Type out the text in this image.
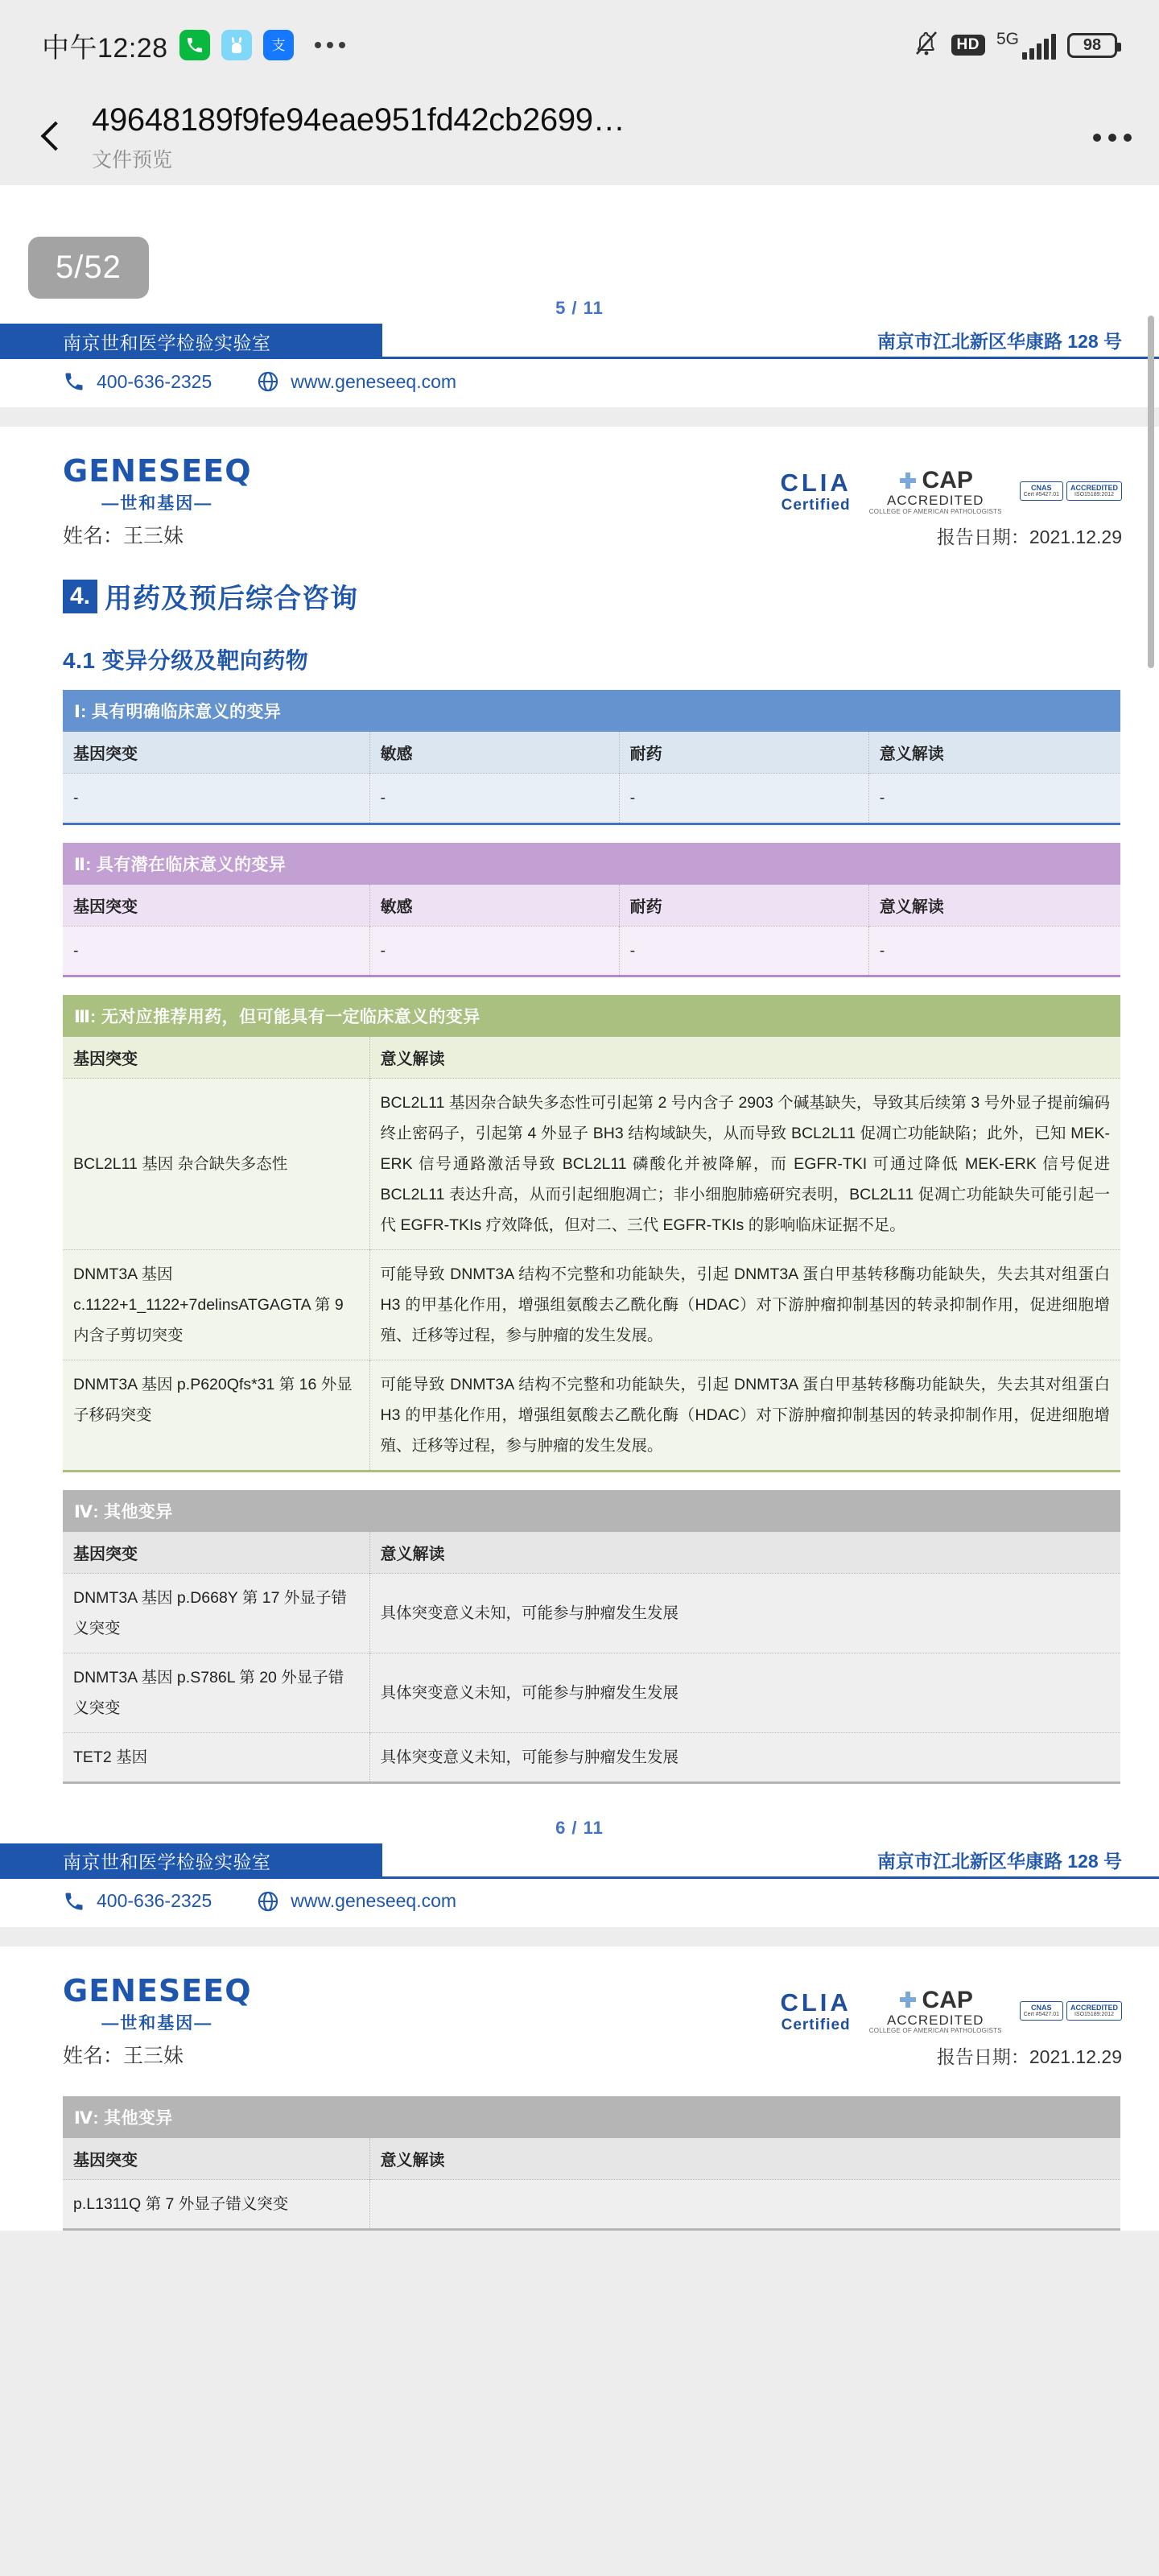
中午12:28	支	HD	5G	98
49648189f9fe94eae951fd42cb2699…
文件预览
5/52
5 / 11
南京世和医学检验实验室	南京市江北新区华康路 128 号
400-636-2325	www.geneseeq.com
GENESEEQ
— 世和基因 —
CLIA
Certified
CAP
ACCREDITED
COLLEGE OF AMERICAN PATHOLOGISTS
CNAS
Cert #5427.01
ACCREDITED
ISO15189:2012
姓名：王三妹	报告日期：2021.12.29
4. 用药及预后综合咨询
4.1 变异分级及靶向药物
Ⅰ: 具有明确临床意义的变异
基因突变	敏感	耐药	意义解读
-	-	-	-
Ⅱ: 具有潜在临床意义的变异
基因突变	敏感	耐药	意义解读
-	-	-	-
Ⅲ: 无对应推荐用药，但可能具有一定临床意义的变异
基因突变	意义解读
BCL2L11 基因 杂合缺失多态性	BCL2L11 基因杂合缺失多态性可引起第 2 号内含子 2903 个碱基缺失，导致其后续第 3 号外显子提前编码终止密码子，引起第 4 外显子 BH3 结构域缺失，从而导致 BCL2L11 促凋亡功能缺陷；此外，已知 MEK-ERK 信号通路激活导致 BCL2L11 磷酸化并被降解，而 EGFR-TKI 可通过降低 MEK-ERK 信号促进 BCL2L11 表达升高，从而引起细胞凋亡；非小细胞肺癌研究表明，BCL2L11 促凋亡功能缺失可能引起一代 EGFR-TKIs 疗效降低，但对二、三代 EGFR-TKIs 的影响临床证据不足。
DNMT3A 基因 c.1122+1_1122+7delinsATGAGTA 第 9 内含子剪切突变	可能导致 DNMT3A 结构不完整和功能缺失，引起 DNMT3A 蛋白甲基转移酶功能缺失，失去其对组蛋白 H3 的甲基化作用，增强组氨酸去乙酰化酶（HDAC）对下游肿瘤抑制基因的转录抑制作用，促进细胞增殖、迁移等过程，参与肿瘤的发生发展。
DNMT3A 基因 p.P620Qfs*31 第 16 外显子移码突变	可能导致 DNMT3A 结构不完整和功能缺失，引起 DNMT3A 蛋白甲基转移酶功能缺失，失去其对组蛋白 H3 的甲基化作用，增强组氨酸去乙酰化酶（HDAC）对下游肿瘤抑制基因的转录抑制作用，促进细胞增殖、迁移等过程，参与肿瘤的发生发展。
Ⅳ: 其他变异
基因突变	意义解读
DNMT3A 基因 p.D668Y 第 17 外显子错义突变	具体突变意义未知，可能参与肿瘤发生发展
DNMT3A 基因 p.S786L 第 20 外显子错义突变	具体突变意义未知，可能参与肿瘤发生发展
TET2 基因	具体突变意义未知，可能参与肿瘤发生发展
6 / 11
南京世和医学检验实验室	南京市江北新区华康路 128 号
400-636-2325	www.geneseeq.com
GENESEEQ
— 世和基因 —
CLIA
Certified
CAP
ACCREDITED
COLLEGE OF AMERICAN PATHOLOGISTS
CNAS
Cert #5427.01
ACCREDITED
ISO15189:2012
姓名：王三妹	报告日期：2021.12.29
Ⅳ: 其他变异
基因突变	意义解读
p.L1311Q 第 7 外显子错义突变	
